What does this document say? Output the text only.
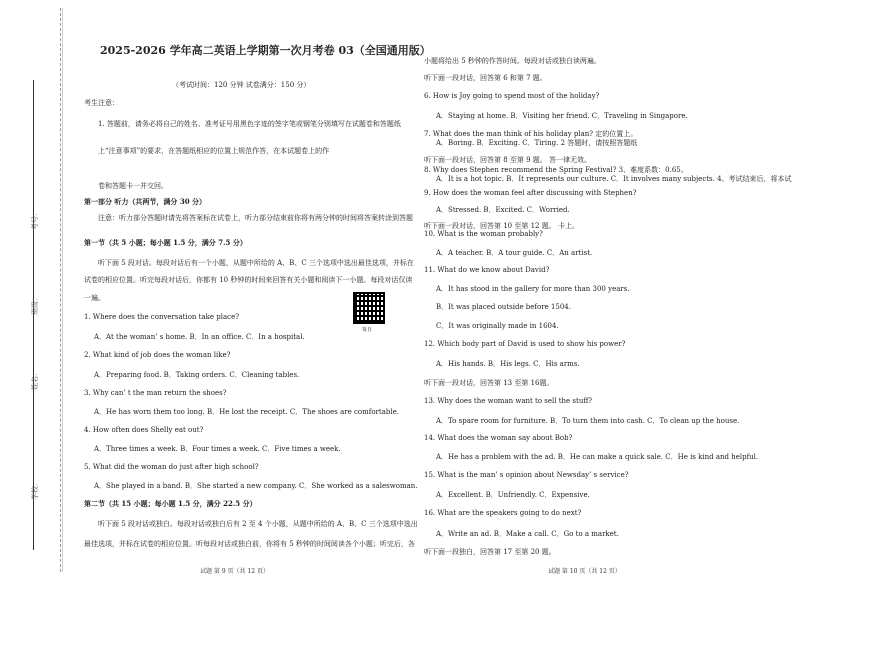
学校：
姓名：
班级：
考号：
2025-2026 学年高二英语上学期第一次月考卷 03（全国通用版）
（考试时间：120 分钟 试卷满分：150 分）
考生注意：
1. 答题前，请务必将自己的姓名、准考证号用黑色字迹的签字笔或钢笔分别填写在试题卷和答题纸
上“注意事项”的要求，在答题纸相应的位置上规范作答，在本试题卷上的作
卷和答题卡一并交回。
第一部分 听力（共两节，满分 30 分）
注意：听力部分答题时请先将答案标在试卷上，听力部分结束前你将有两分钟的时间将答案转涂到答题
第一节（共 5 小题；每小题 1.5 分，满分 7.5 分）
听下面 5 段对话。每段对话后有一个小题，从题中所给的 A、B、C 三个选项中选出最佳选项，并标在
试卷的相应位置。听完每段对话后，你都有 10 秒钟的时间来回答有关小题和阅读下一小题。每段对话仅读
一遍。
1. Where does the conversation take place?
A．At the woman’ s home. B．In an office. C．In a hospital.
2. What kind of job does the woman like?
A．Preparing food. B．Taking orders. C．Cleaning tables.
3. Why can’ t the man return the shoes?
A．He has worn them too long. B．He lost the receipt. C．The shoes are comfortable.
4. How often does Shelly eat out?
A．Three times a week. B．Four times a week. C．Five times a week.
5. What did the woman do just after high school?
A．She played in a band. B．She started a new company. C．She worked as a saleswoman.
第二节（共 15 小题；每小题 1.5 分，满分 22.5 分）
听下面 5 段对话或独白。每段对话或独白后有 2 至 4 个小题，从题中所给的 A、B、C 三个选项中选出
最佳选项，并标在试卷的相应位置。听每段对话或独白前，你将有 5 秒钟的时间阅读各个小题；听完后，各
小题将给出 5 秒钟的作答时间。每段对话或独白读两遍。
听下面一段对话，回答第 6 和第 7 题。
6. How is Joy going to spend most of the holiday?
A．Staying at home. B．Visiting her friend. C．Traveling in Singapore.
7. What does the man think of his holiday plan? 定的位置上。
A．Boring. B．Exciting. C．Tiring. 2 答题时，请按照答题纸
听下面一段对话，回答第 8 至第 9 题。 答一律无效。
8. Why does Stephen recommend the Spring Festival? 3、难度系数：0.65。
A．It is a hot topic. B．It represents our culture. C．It involves many subjects. 4、考试结束后，将本试
9. How does the woman feel after discussing with Stephen?
A．Stressed. B．Excited. C．Worried.
听下面一段对话，回答第 10 至第 12 题。 卡上。
10. What is the woman probably?
A．A teacher. B．A tour guide. C．An artist.
11. What do we know about David?
A．It has stood in the gallery for more than 300 years.
B．It was placed outside before 1504.
C．It was originally made in 1604.
12. Which body part of David is used to show his power?
A．His hands. B．His legs. C．His arms.
听下面一段对话，回答第 13 至第 16题。
13. Why does the woman want to sell the stuff?
A．To spare room for furniture. B．To turn them into cash. C．To clean up the house.
14. What does the woman say about Bob?
A．He has a problem with the ad. B．He can make a quick sale. C．He is kind and helpful.
15. What is the man’ s opinion about Newsday’ s service?
A．Excellent. B．Unfriendly. C．Expensive.
16. What are the speakers going to do next?
A．Write an ad. B．Make a call. C．Go to a market.
听下面一段独白，回答第 17 至第 20 题。
每日
试题 第 9 页（共 12 页）	试题 第 10 页（共 12 页）
